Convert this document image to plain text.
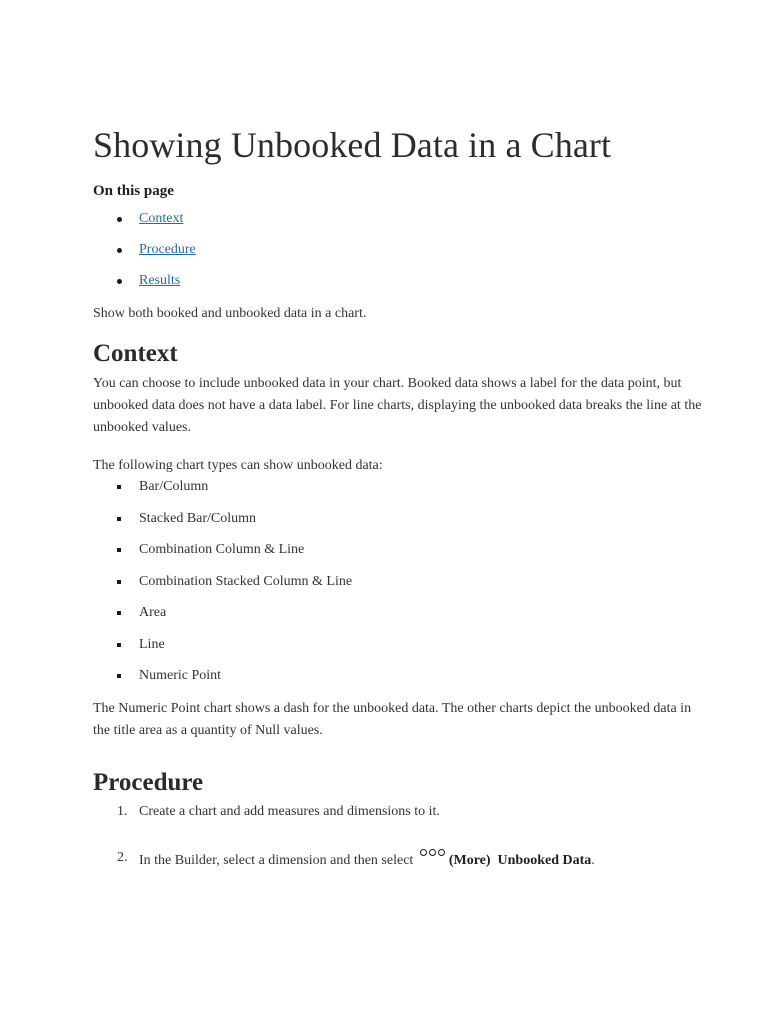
Showing Unbooked Data in a Chart
On this page
Context
Procedure
Results

Show both booked and unbooked data in a chart.

Context

You can choose to include unbooked data in your chart. Booked data shows a label for the data point, but unbooked data does not have a data label. For line charts, displaying the unbooked data breaks the line at the unbooked values.

The following chart types can show unbooked data:

Bar/Column
Stacked Bar/Column
Combination Column & Line
Combination Stacked Column & Line
Area
Line
Numeric Point

The Numeric Point chart shows a dash for the unbooked data. The other charts depict the unbooked data in the title area as a quantity of Null values.

Procedure
1. Create a chart and add measures and dimensions to it.
2. In the Builder, select a dimension and then select	(More) Unbooked Data.
